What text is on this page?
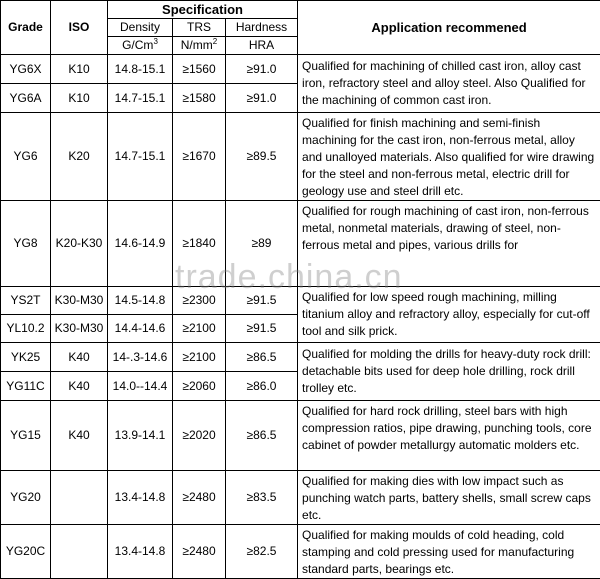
Grade	ISO	Specification			Application recommened
		Density	TRS	Hardness	
		G/Cm$^3$	$N/mm^2$	HRA	
YG6X	K10	14.8-15.1	≥1560	≥91.0	Qualified for machining of chilled cast iron, alloy cast iron, refractory steel and alloy steel. Also Qualified for the machining of common cast iron.
YG6A	K10	14.7-15.1	≥1580	≥91.0	
YG6	K20	14.7-15.1	≥1670	≥89.5	Qualified for finish machining and semi-finish machining for the cast iron, non-ferrous metal, alloy and unalloyed materials. Also qualified for wire drawing for the steel and non-ferrous metal, electric drill for geology use and steel drill etc.
YG8	K20-K30	14.6-14.9	≥1840	≥89	Qualified for rough machining of cast iron, non-ferrous metal, nonmetal materials, drawing of steel, non-ferrous metal and pipes, various drills for
YS2T	K30-M30	14.5-14.8	≥2300	≥91.5	Qualified for low speed rough machining, milling titanium alloy and refractory alloy, especially for cut-off tool and silk prick.
YL10.2	K30-M30	14.4-14.6	≥2100	≥91.5	
YK25	K40	14-.3-14.6	≥2100	≥86.5	Qualified for molding the drills for heavy-duty rock drill: detachable bits used for deep hole drilling, rock drill trolley etc.
YG11C	K40	14.0--14.4	≥2060	≥86.0	
YG15	K40	13.9-14.1	≥2020	≥86.5	Qualified for hard rock drilling, steel bars with high compression ratios, pipe drawing, punching tools, core cabinet of powder metallurgy automatic molders etc.
YG20		13.4-14.8	≥2480	≥83.5	Qualified for making dies with low impact such as punching watch parts, battery shells, small screw caps etc.
YG20C		13.4-14.8	≥2480	≥82.5	Qualified for making moulds of cold heading, cold stamping and cold pressing used for manufacturing standard parts, bearings etc.
trade.china.cn
